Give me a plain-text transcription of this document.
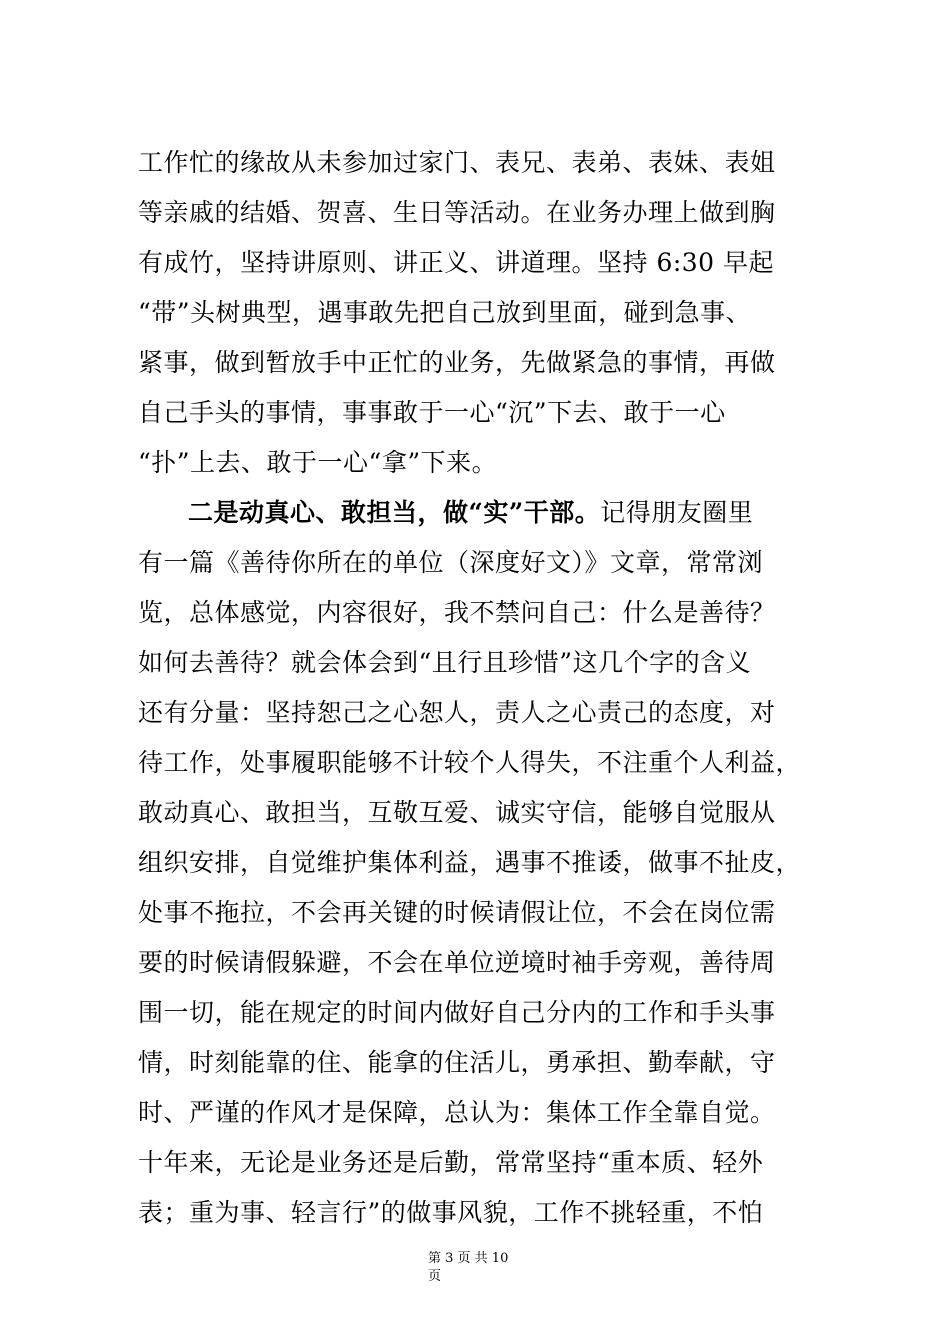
工作忙的缘故从未参加过家门、表兄、表弟、表妹、表姐
等亲戚的结婚、贺喜、生日等活动。在业务办理上做到胸
有成竹，坚持讲原则、讲正义、讲道理。坚持 6:30 早起
“带”头树典型，遇事敢先把自己放到里面，碰到急事、
紧事，做到暂放手中正忙的业务，先做紧急的事情，再做
自己手头的事情，事事敢于一心“沉”下去、敢于一心
“扑”上去、敢于一心“拿”下来。
二是动真心、敢担当，做“实”干部。记得朋友圈里
有一篇《善待你所在的单位（深度好文）》文章，常常浏
览，总体感觉，内容很好，我不禁问自己：什么是善待？
如何去善待？就会体会到“且行且珍惜”这几个字的含义
还有分量：坚持恕己之心恕人，责人之心责己的态度，对
待工作，处事履职能够不计较个人得失，不注重个人利益，
敢动真心、敢担当，互敬互爱、诚实守信，能够自觉服从
组织安排，自觉维护集体利益，遇事不推诿，做事不扯皮，
处事不拖拉，不会再关键的时候请假让位，不会在岗位需
要的时候请假躲避，不会在单位逆境时袖手旁观，善待周
围一切，能在规定的时间内做好自己分内的工作和手头事
情，时刻能靠的住、能拿的住活儿，勇承担、勤奉献，守
时、严谨的作风才是保障，总认为：集体工作全靠自觉。
十年来，无论是业务还是后勤，常常坚持“重本质、轻外
表；重为事、轻言行”的做事风貌，工作不挑轻重，不怕
第 3 页 共 10
页
